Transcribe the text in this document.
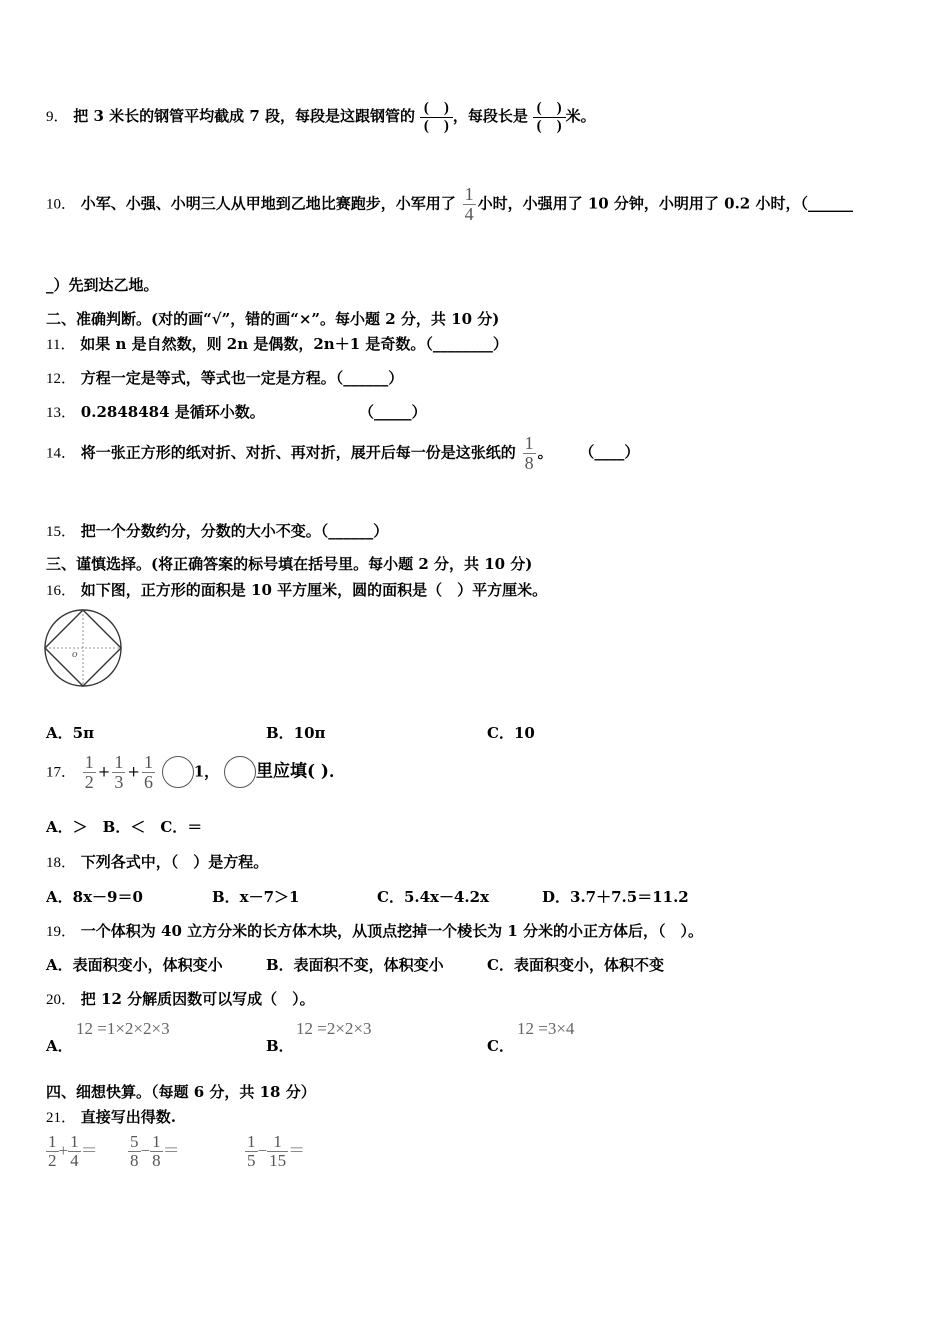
9． 把 3 米长的钢管平均截成 7 段，每段是这跟钢管的 $\frac{( )}{( )}$ ，每段长是 $\frac{( )}{( )}$ 米。
10． 小军、小强、小明三人从甲地到乙地比赛跑步，小军用了 $\frac{1}{4}$ 小时，小强用了 10 分钟，小明用了 0.2 小时，（______
_）先到达乙地。
二、准确判断。(对的画“√”，错的画“×”。每小题 2 分，共 10 分)
11． 如果 n 是自然数，则 2n 是偶数，2n＋1 是奇数。（________）
12． 方程一定是等式，等式也一定是方程。（______）
13． 0.2848484 是循环小数。	（_____）
14． 将一张正方形的纸对折、对折、再对折，展开后每一份是这张纸的 $\frac{1}{8}$ 。 （____）
15． 把一个分数约分，分数的大小不变。（______）
三、谨慎选择。(将正确答案的标号填在括号里。每小题 2 分，共 10 分)
16． 如下图，正方形的面积是 10 平方厘米，圆的面积是（　）平方厘米。
o
A．5π	B．10π	C．10
17． $\frac{1}{2} + \frac{1}{3} + \frac{1}{6}$	1， 里应填( )．
A．＞　B．＜　C．＝
18． 下列各式中，（　）是方程。
A．8x－9＝0	B．x－7＞1	C．5.4x－4.2x	D．3.7＋7.5＝11.2
19． 一个体积为 40 立方分米的长方体木块，从顶点挖掉一个棱长为 1 分米的小正方体后，（　）。
A．表面积变小，体积变小	B．表面积不变，体积变小	C．表面积变小，体积不变
20． 把 12 分解质因数可以写成（　）。
A．
12 =1×2×2×3
B．
12 =2×2×3
C．
12 =3×4
四、细想快算。（每题 6 分，共 18 分）
21． 直接写出得数.
$\frac{1}{2} + \frac{1}{4} = \frac{5}{8} - \frac{1}{8}$ ＝	$\frac{1}{5} - \frac{1}{15}$ ＝
